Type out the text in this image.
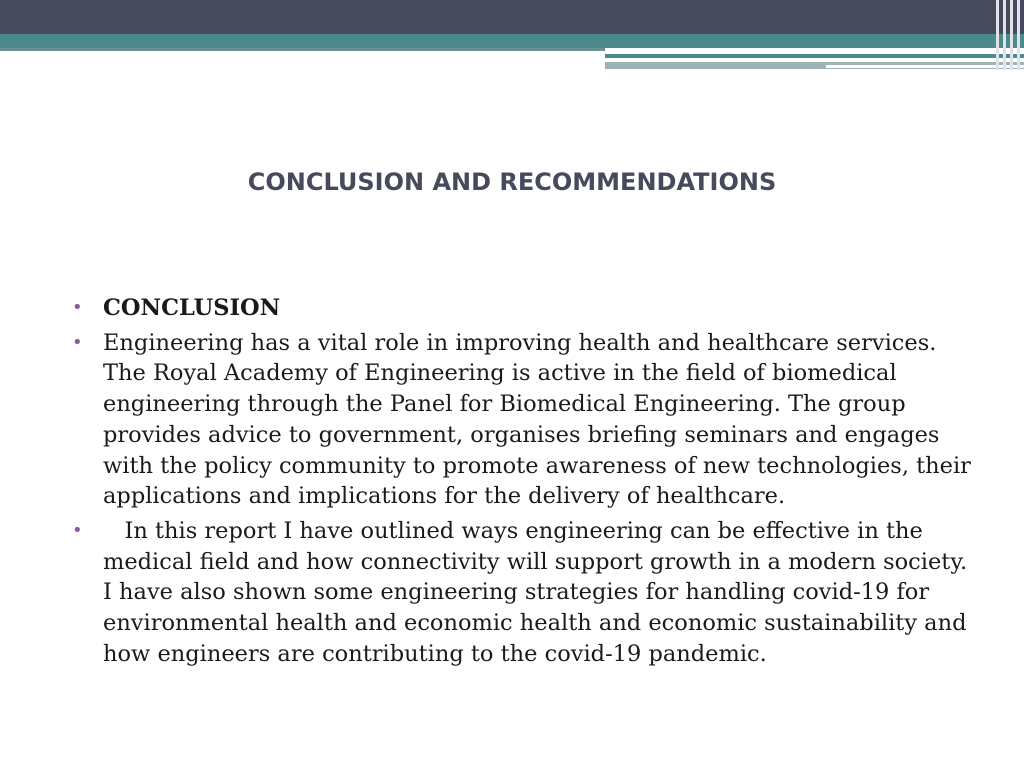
CONCLUSION AND RECOMMENDATIONS
• CONCLUSION
• Engineering has a vital role in improving health and healthcare services. The Royal Academy of Engineering is active in the field of biomedical engineering through the Panel for Biomedical Engineering. The group provides advice to government, organises briefing seminars and engages with the policy community to promote awareness of new technologies, their applications and implications for the delivery of healthcare.
• In this report I have outlined ways engineering can be effective in the medical field and how connectivity will support growth in a modern society. I have also shown some engineering strategies for handling covid-19 for environmental health and economic health and economic sustainability and how engineers are contributing to the covid-19 pandemic.
